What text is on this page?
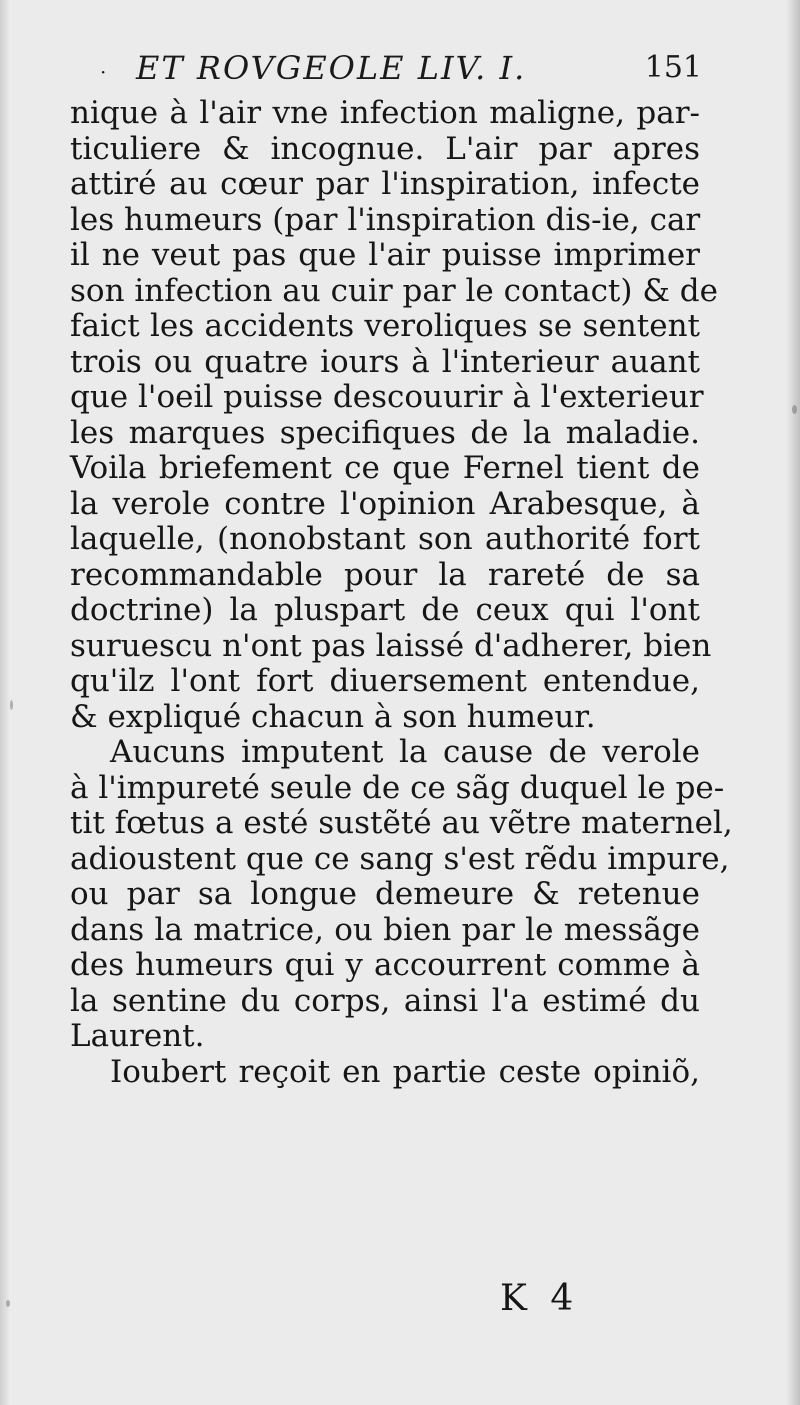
· ET ROVGEOLE LIV. I.	151
nique à l'air vne infection maligne, par-
ticuliere & incognue. L'air par apres
attiré au cœur par l'inspiration, infecte
les humeurs (par l'inspiration dis-ie, car
il ne veut pas que l'air puisse imprimer
son infection au cuir par le contact) & de
faict les accidents veroliques se sentent
trois ou quatre iours à l'interieur auant
que l'oeil puisse descouurir à l'exterieur
les marques specifiques de la maladie.
Voila briefement ce que Fernel tient de
la verole contre l'opinion Arabesque, à
laquelle, (nonobstant son authorité fort
recommandable pour la rareté de sa
doctrine) la pluspart de ceux qui l'ont
suruescu n'ont pas laissé d'adherer, bien
qu'ilz l'ont fort diuersement entendue,
& expliqué chacun à son humeur.
Aucuns imputent la cause de verole
à l'impureté seule de ce sãg duquel le pe-
tit fœtus a esté sustẽté au vẽtre maternel,
adioustent que ce sang s'est rẽdu impure,
ou par sa longue demeure & retenue
dans la matrice, ou bien par le messãge
des humeurs qui y accourrent comme à
la sentine du corps, ainsi l'a estimé du
Laurent.
Ioubert reçoit en partie ceste opiniõ,
K 4
